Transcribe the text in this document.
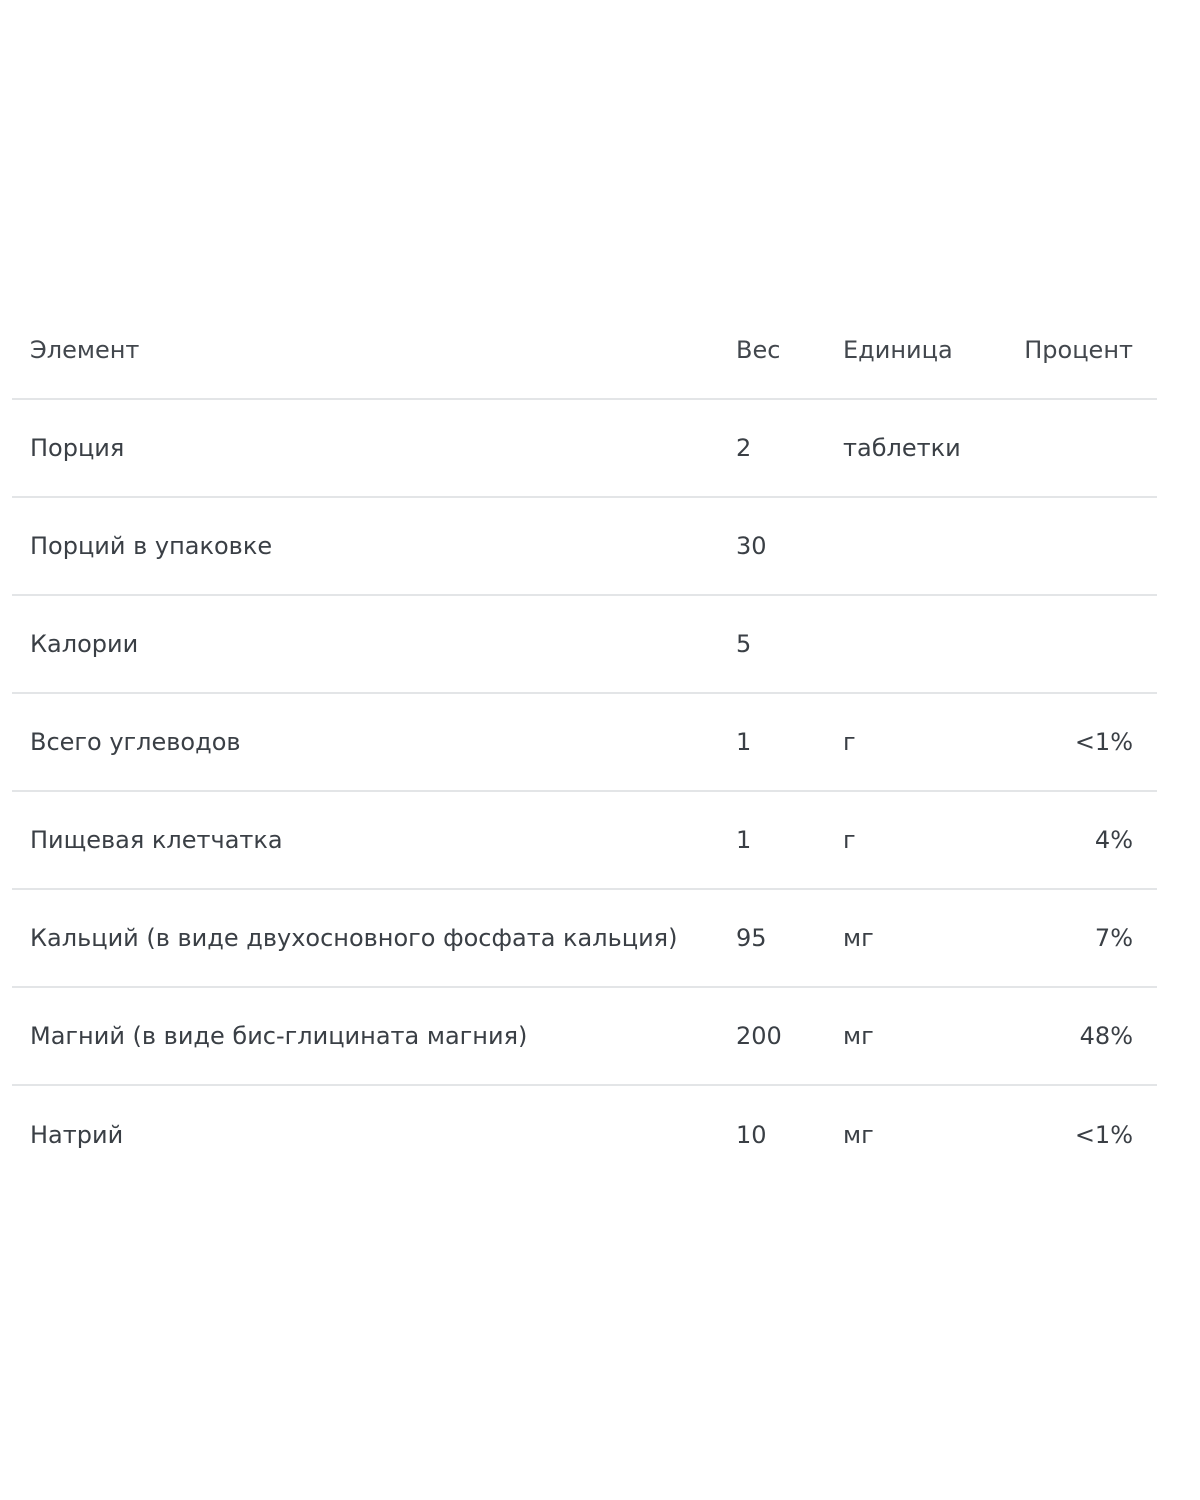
Элемент	Вес	Единица	Процент
Порция	2	таблетки
Порций в упаковке	30
Калории	5
Всего углеводов	1	г	<1%
Пищевая клетчатка	1	г	4%
Кальций (в виде двухосновного фосфата кальция)	95	мг	7%
Магний (в виде бис-глицината магния)	200	мг	48%
Натрий	10	мг	<1%
